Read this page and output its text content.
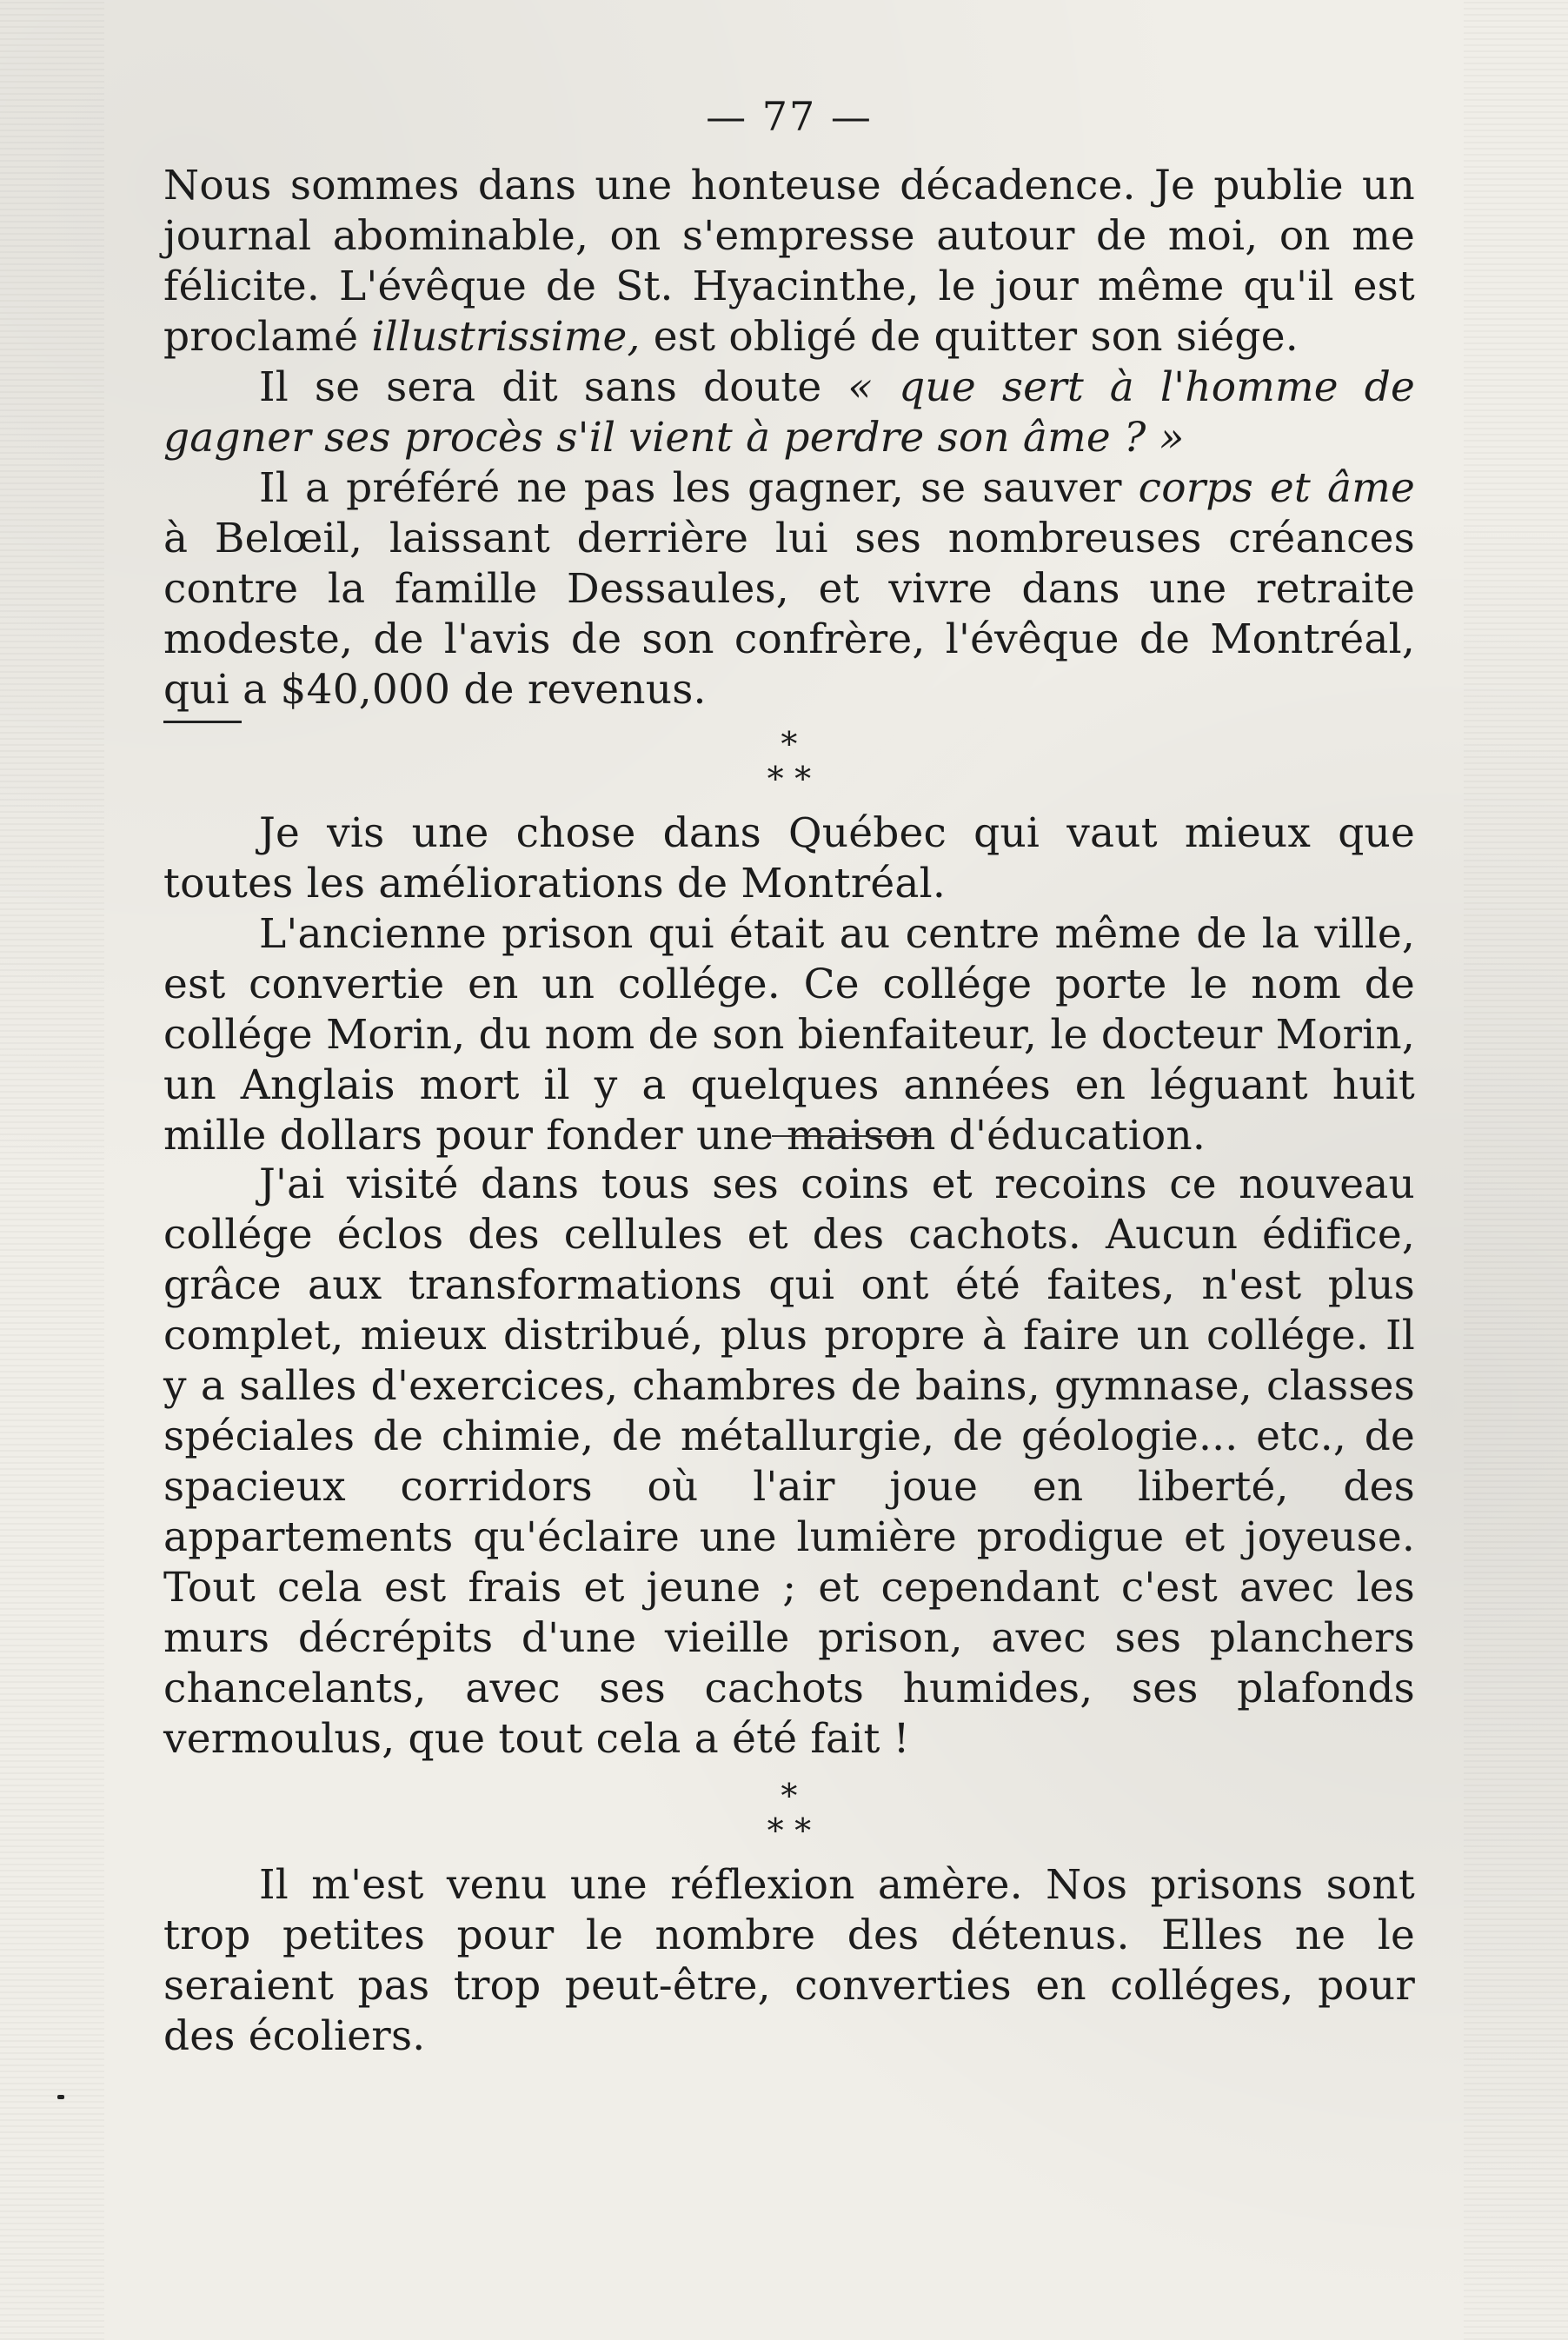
— 77 —

Nous sommes dans une honteuse décadence. Je publie un journal abominable, on s'empresse autour de moi, on me félicite. L'évêque de St. Hyacinthe, le jour même qu'il est proclamé illustrissime, est obligé de quitter son siége.

Il se sera dit sans doute « que sert à l'homme de gagner ses procès s'il vient à perdre son âme ? »

Il a préféré ne pas les gagner, se sauver corps et âme à Belœil, laissant derrière lui ses nombreuses créances contre la famille Dessaules, et vivre dans une retraite modeste, de l'avis de son confrère, l'évêque de Montréal, qui a $40,000 de revenus.

*
* *

Je vis une chose dans Québec qui vaut mieux que toutes les améliorations de Montréal.

L'ancienne prison qui était au centre même de la ville, est convertie en un collége. Ce collége porte le nom de collége Morin, du nom de son bienfaiteur, le docteur Morin, un Anglais mort il y a quelques années en léguant huit mille dollars pour fonder une maison d'éducation.

J'ai visité dans tous ses coins et recoins ce nouveau collége éclos des cellules et des cachots. Aucun édifice, grâce aux transformations qui ont été faites, n'est plus complet, mieux distribué, plus propre à faire un collége. Il y a salles d'exercices, chambres de bains, gymnase, classes spéciales de chimie, de métallurgie, de géologie... etc., de spacieux corridors où l'air joue en liberté, des appartements qu'éclaire une lumière prodigue et joyeuse. Tout cela est frais et jeune ; et cependant c'est avec les murs décrépits d'une vieille prison, avec ses planchers chancelants, avec ses cachots humides, ses plafonds vermoulus, que tout cela a été fait !

*
* *

Il m'est venu une réflexion amère. Nos prisons sont trop petites pour le nombre des détenus. Elles ne le seraient pas trop peut-être, converties en colléges, pour des écoliers.
